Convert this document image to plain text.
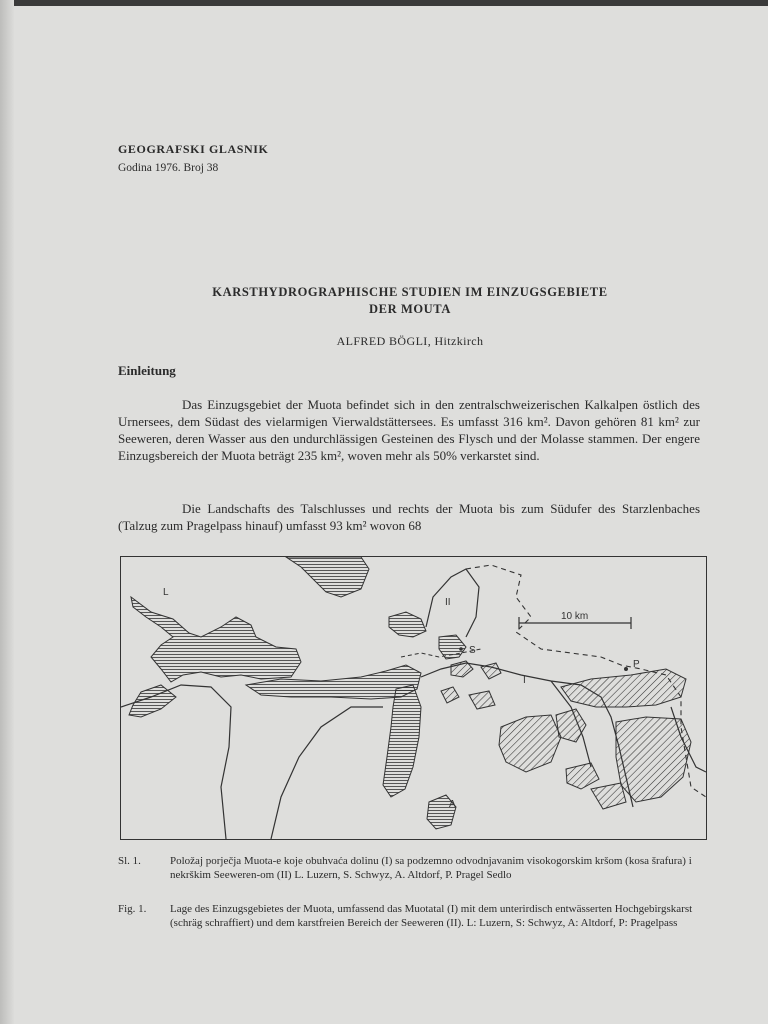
GEOGRAFSKI GLASNIK
Godina 1976. Broj 38
KARSTHYDROGRAPHISCHE STUDIEN IM EINZUGSGEBIETE
DER MOUTA
ALFRED BÖGLI, Hitzkirch
Einleitung
Das Einzugsgebiet der Muota befindet sich in den zentralschweizerischen Kalkalpen östlich des Urnersees, dem Südast des vielarmigen Vierwaldstättersees. Es umfasst 316 km². Davon gehören 81 km² zur Seeweren, deren Wasser aus den undurchlässigen Gesteinen des Flysch und der Molasse stammen. Der engere Einzugsbereich der Muota beträgt 235 km², woven mehr als 50% verkarstet sind.
Die Landschafts des Talschlusses und rechts der Muota bis zum Südufer des Starzlenbaches (Talzug zum Pragelpass hinauf) umfasst 93 km² wovon 68
10 km
L
II
S
I
P
A
Sl. 1.	Položaj porječja Muota-e koje obuhvaća dolinu (I) sa podzemno odvodnjavanim visokogorskim kršom (kosa šrafura) i nekrškim Seeweren-om (II) L. Luzern, S. Schwyz, A. Altdorf, P. Pragel Sedlo
Fig. 1. Lage des Einzugsgebietes der Muota, umfassend das Muotatal (I) mit dem unterirdisch entwässerten Hochgebirgskarst (schräg schraffiert) und dem karstfreien Bereich der Seeweren (II). L: Luzern, S: Schwyz, A: Altdorf, P: Pragelpass
